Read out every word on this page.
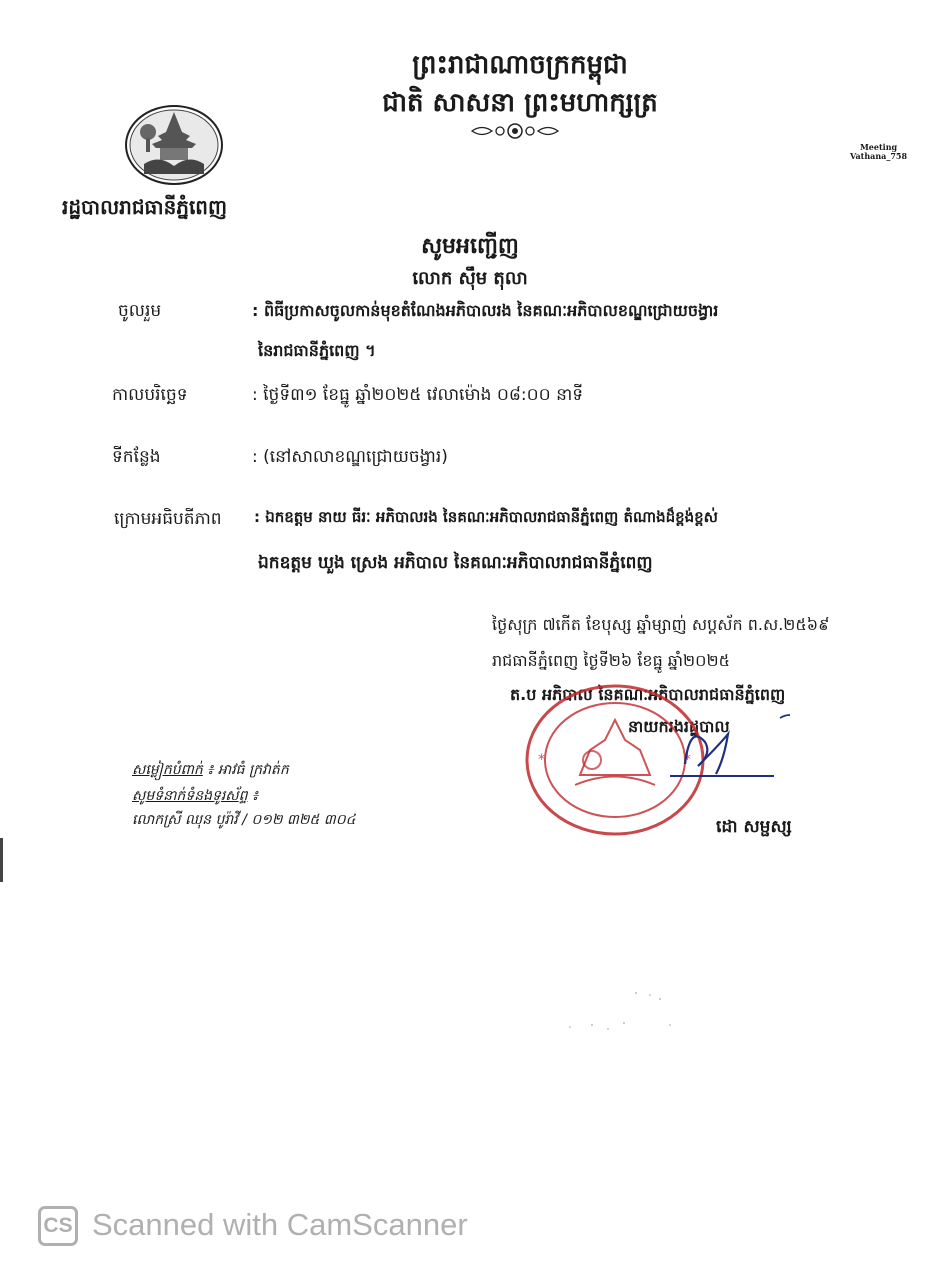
ព្រះរាជាណាចក្រកម្ពុជា
ជាតិ សាសនា ព្រះមហាក្សត្រ
Meeting
Vathana_758
រដ្ឋបាលរាជធានីភ្នំពេញ
សូមអញ្ជើញ
លោក ស៊ឹម តុលា
ចូលរួម	: ពិធីប្រកាសចូលកាន់មុខតំណែងអភិបាលរង នៃគណៈអភិបាលខណ្ឌជ្រោយចង្វារ
នៃរាជធានីភ្នំពេញ ។
កាលបរិច្ឆេទ	: ថ្ងៃទី៣១ ខែធ្នូ ឆ្នាំ២០២៥ វេលាម៉ោង ០៨:០០ នាទី
ទីកន្លែង	: (នៅសាលាខណ្ឌជ្រោយចង្វារ)
ក្រោមអធិបតីភាព : ឯកឧត្តម នាយ ធីរៈ អភិបាលរង នៃគណៈអភិបាលរាជធានីភ្នំពេញ តំណាងដ៏ខ្ពង់ខ្ពស់
ឯកឧត្តម ឃួង ស្រេង អភិបាល នៃគណៈអភិបាលរាជធានីភ្នំពេញ
ថ្ងៃសុក្រ ៧កើត ខែបុស្ស ឆ្នាំម្សាញ់ សប្តស័ក ព.ស.២៥៦៩
រាជធានីភ្នំពេញ ថ្ងៃទី២៦ ខែធ្នូ ឆ្នាំ២០២៥
ត.ប អភិបាល នៃគណៈអភិបាលរាជធានីភ្នំពេញ
នាយករងរដ្ឋបាល
*	*
ដោ សម្ផស្ស
សម្លៀកបំពាក់ ៖ អាវធំ ក្រវាត់ក
សូមទំនាក់ទំនងទូរស័ព្ទ ៖
លោកស្រី ឈុន បូរ៉ាវី / ០១២ ៣២៥ ៣០៤
CS Scanned with CamScanner
